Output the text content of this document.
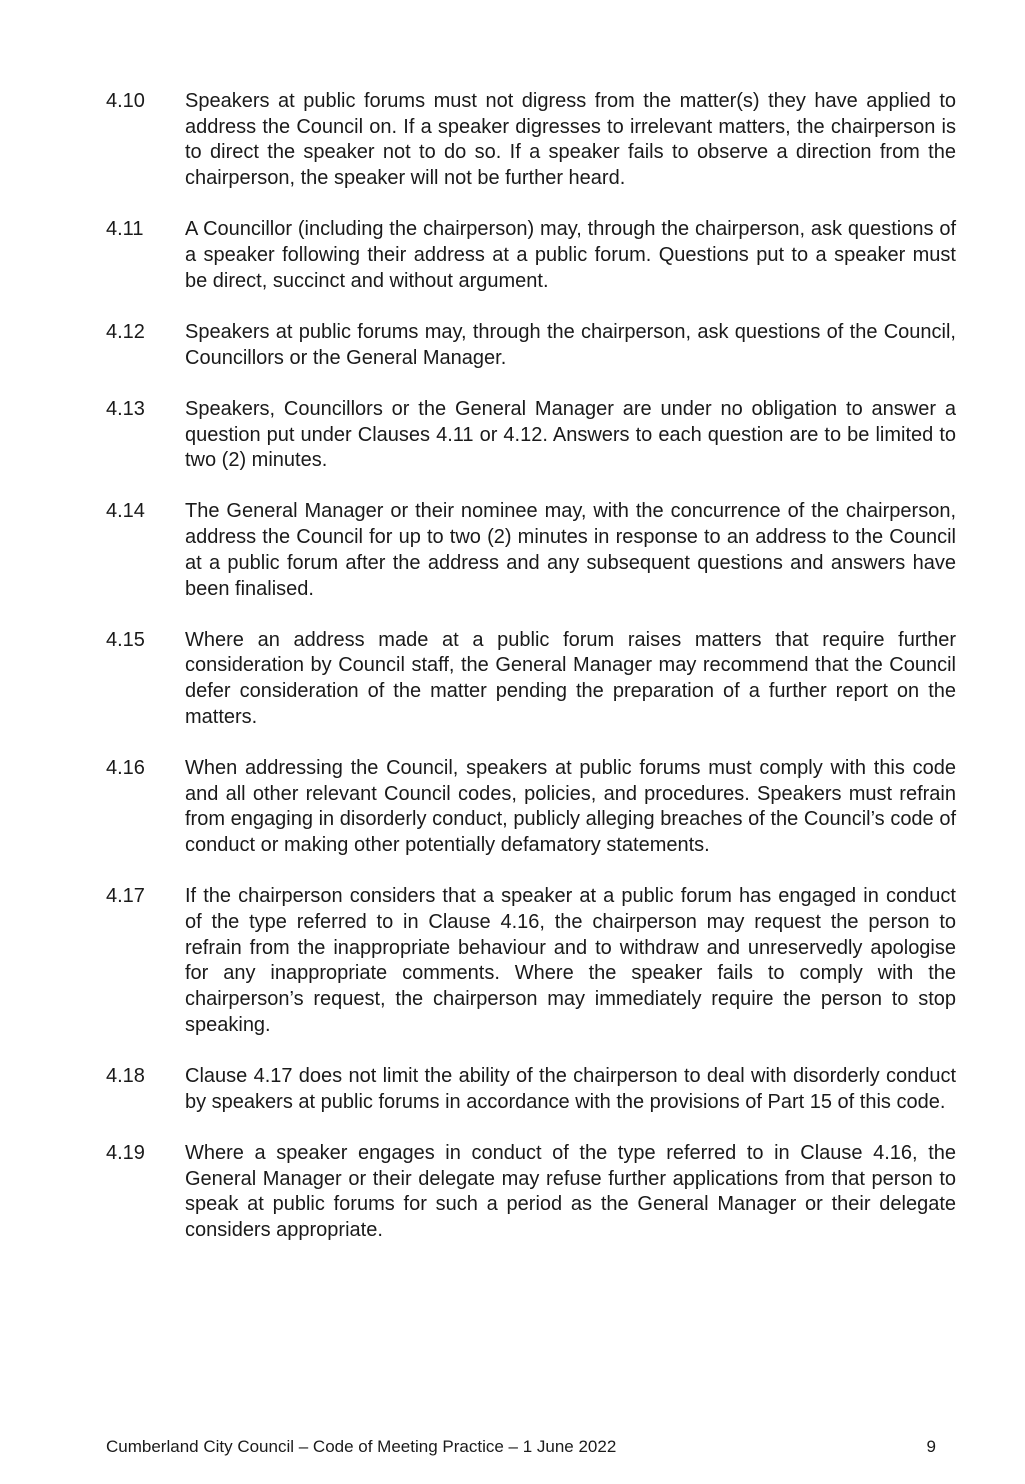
4.10	Speakers at public forums must not digress from the matter(s) they have applied to address the Council on. If a speaker digresses to irrelevant matters, the chairperson is to direct the speaker not to do so. If a speaker fails to observe a direction from the chairperson, the speaker will not be further heard.
4.11	A Councillor (including the chairperson) may, through the chairperson, ask questions of a speaker following their address at a public forum. Questions put to a speaker must be direct, succinct and without argument.
4.12	Speakers at public forums may, through the chairperson, ask questions of the Council, Councillors or the General Manager.
4.13	Speakers, Councillors or the General Manager are under no obligation to answer a question put under Clauses 4.11 or 4.12. Answers to each question are to be limited to two (2) minutes.
4.14	The General Manager or their nominee may, with the concurrence of the chairperson, address the Council for up to two (2) minutes in response to an address to the Council at a public forum after the address and any subsequent questions and answers have been finalised.
4.15	Where an address made at a public forum raises matters that require further consideration by Council staff, the General Manager may recommend that the Council defer consideration of the matter pending the preparation of a further report on the matters.
4.16	When addressing the Council, speakers at public forums must comply with this code and all other relevant Council codes, policies, and procedures. Speakers must refrain from engaging in disorderly conduct, publicly alleging breaches of the Council’s code of conduct or making other potentially defamatory statements.
4.17	If the chairperson considers that a speaker at a public forum has engaged in conduct of the type referred to in Clause 4.16, the chairperson may request the person to refrain from the inappropriate behaviour and to withdraw and unreservedly apologise for any inappropriate comments. Where the speaker fails to comply with the chairperson’s request, the chairperson may immediately require the person to stop speaking.
4.18	Clause 4.17 does not limit the ability of the chairperson to deal with disorderly conduct by speakers at public forums in accordance with the provisions of Part 15 of this code.
4.19	Where a speaker engages in conduct of the type referred to in Clause 4.16, the General Manager or their delegate may refuse further applications from that person to speak at public forums for such a period as the General Manager or their delegate considers appropriate.
Cumberland City Council – Code of Meeting Practice – 1 June 2022	9
